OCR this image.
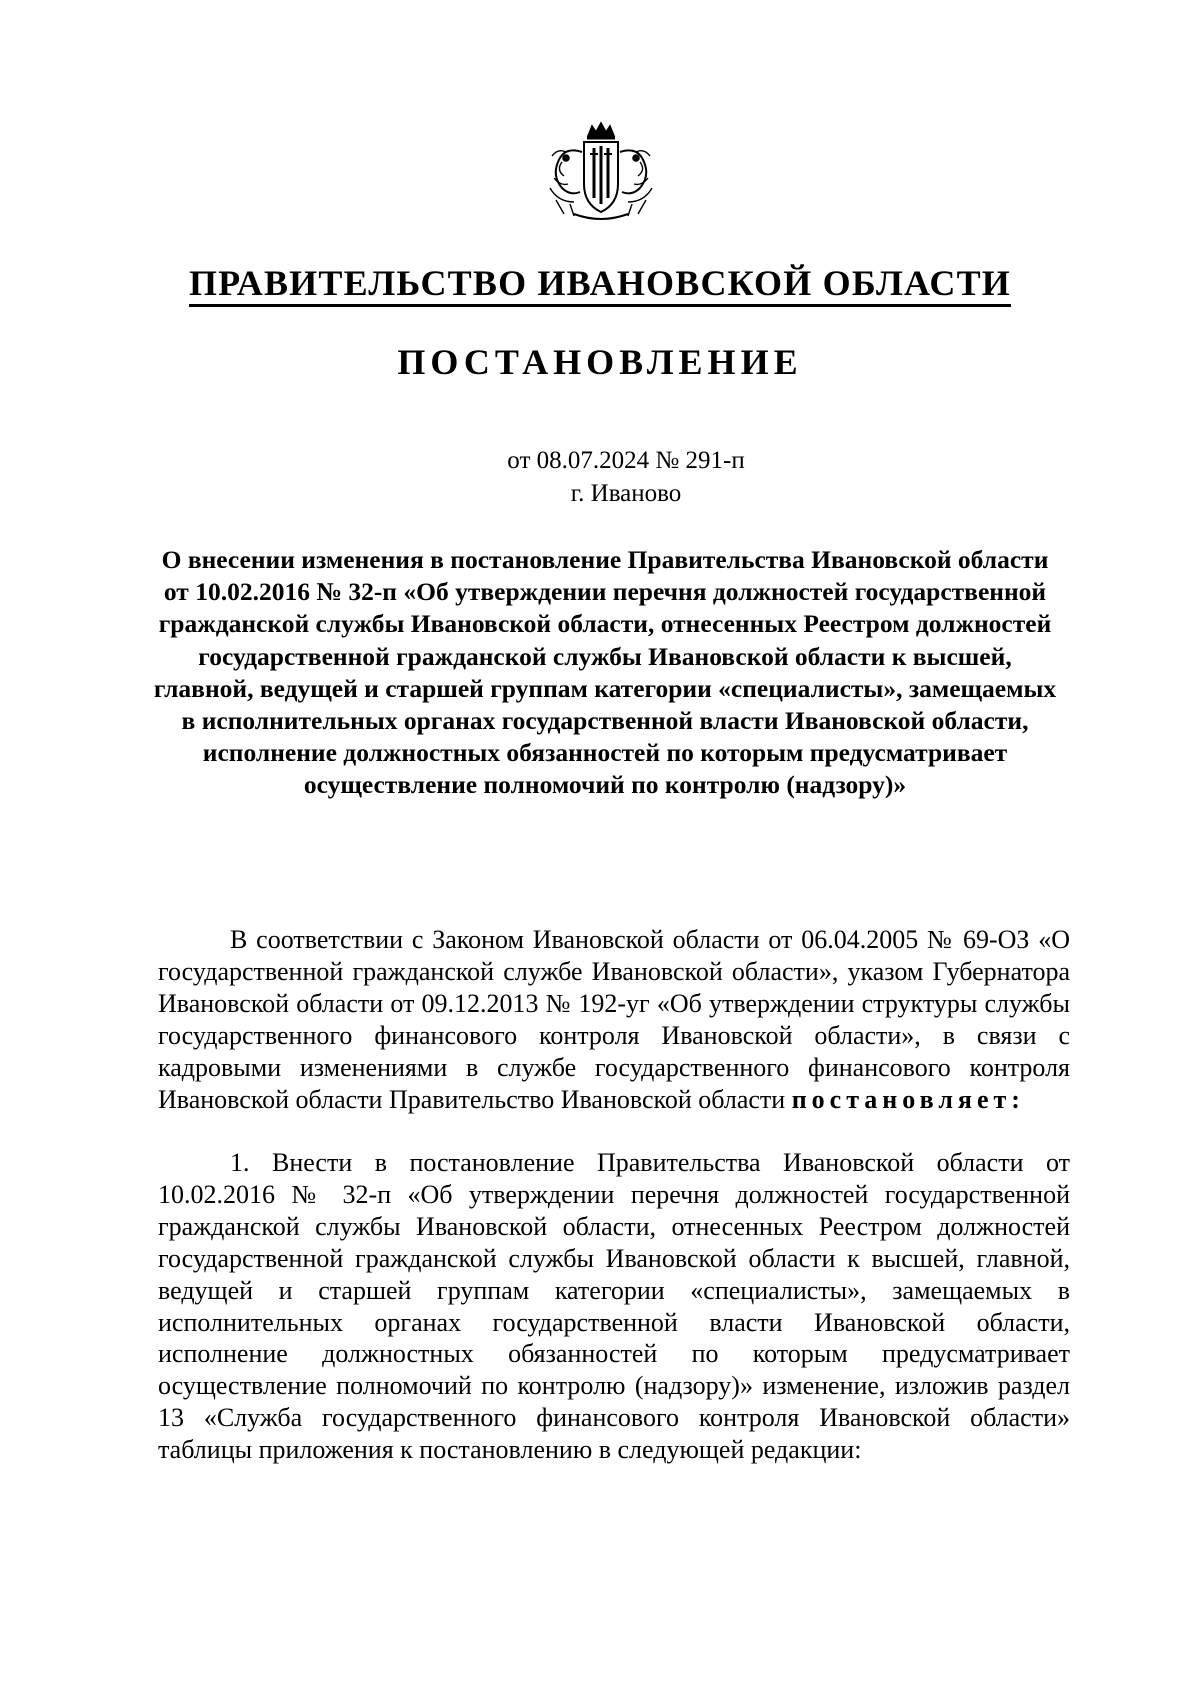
ПРАВИТЕЛЬСТВО ИВАНОВСКОЙ ОБЛАСТИ
ПОСТАНОВЛЕНИЕ
от 08.07.2024 № 291-п
г. Иваново
О внесении изменения в постановление Правительства Ивановской области от 10.02.2016 № 32-п «Об утверждении перечня должностей государственной гражданской службы Ивановской области, отнесенных Реестром должностей государственной гражданской службы Ивановской области к высшей, главной, ведущей и старшей группам категории «специалисты», замещаемых в исполнительных органах государственной власти Ивановской области, исполнение должностных обязанностей по которым предусматривает осуществление полномочий по контролю (надзору)»
В соответствии с Законом Ивановской области от 06.04.2005 № 69-ОЗ «О государственной гражданской службе Ивановской области», указом Губернатора Ивановской области от 09.12.2013 № 192-уг «Об утверждении структуры службы государственного финансового контроля Ивановской области», в связи с кадровыми изменениями в службе государственного финансового контроля Ивановской области Правительство Ивановской области постановляет:
1. Внести в постановление Правительства Ивановской области от 10.02.2016 № 32-п «Об утверждении перечня должностей государственной гражданской службы Ивановской области, отнесенных Реестром должностей государственной гражданской службы Ивановской области к высшей, главной, ведущей и старшей группам категории «специалисты», замещаемых в исполнительных органах государственной власти Ивановской области, исполнение должностных обязанностей по которым предусматривает осуществление полномочий по контролю (надзору)» изменение, изложив раздел 13 «Служба государственного финансового контроля Ивановской области» таблицы приложения к постановлению в следующей редакции:
